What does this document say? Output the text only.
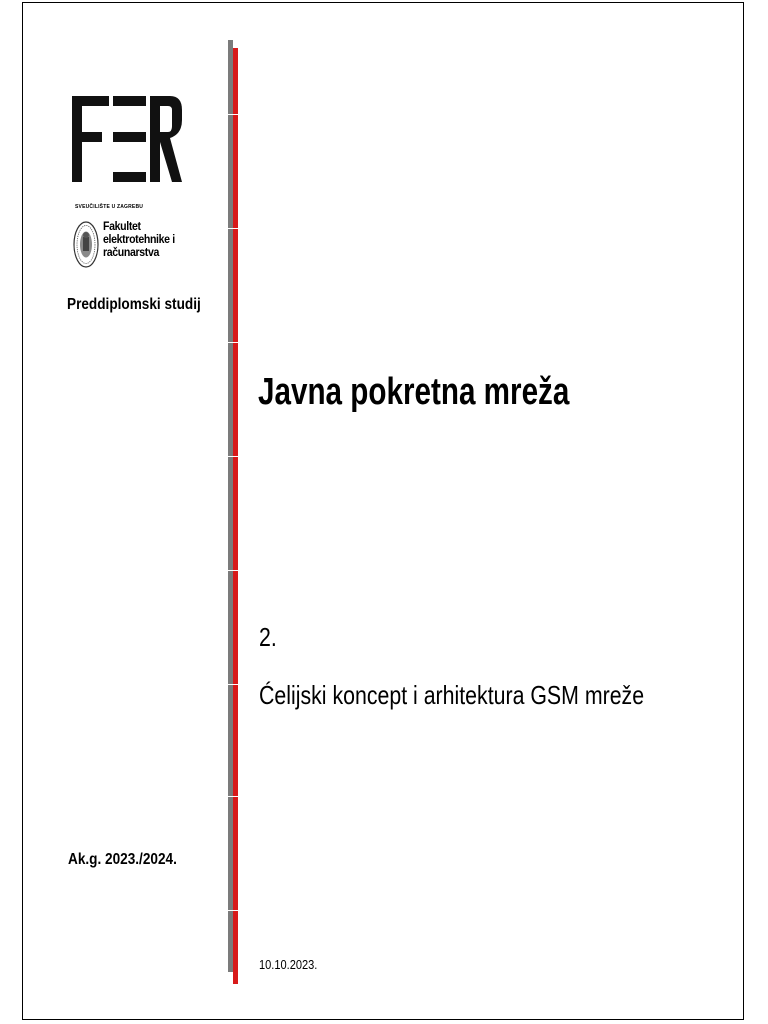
SVEUČILIŠTE U ZAGREBU
Fakultet
elektrotehnike i
računarstva
Preddiplomski studij
Ak.g. 2023./2024.
Javna pokretna mreža
2.
Ćelijski koncept i arhitektura GSM mreže
10.10.2023.
